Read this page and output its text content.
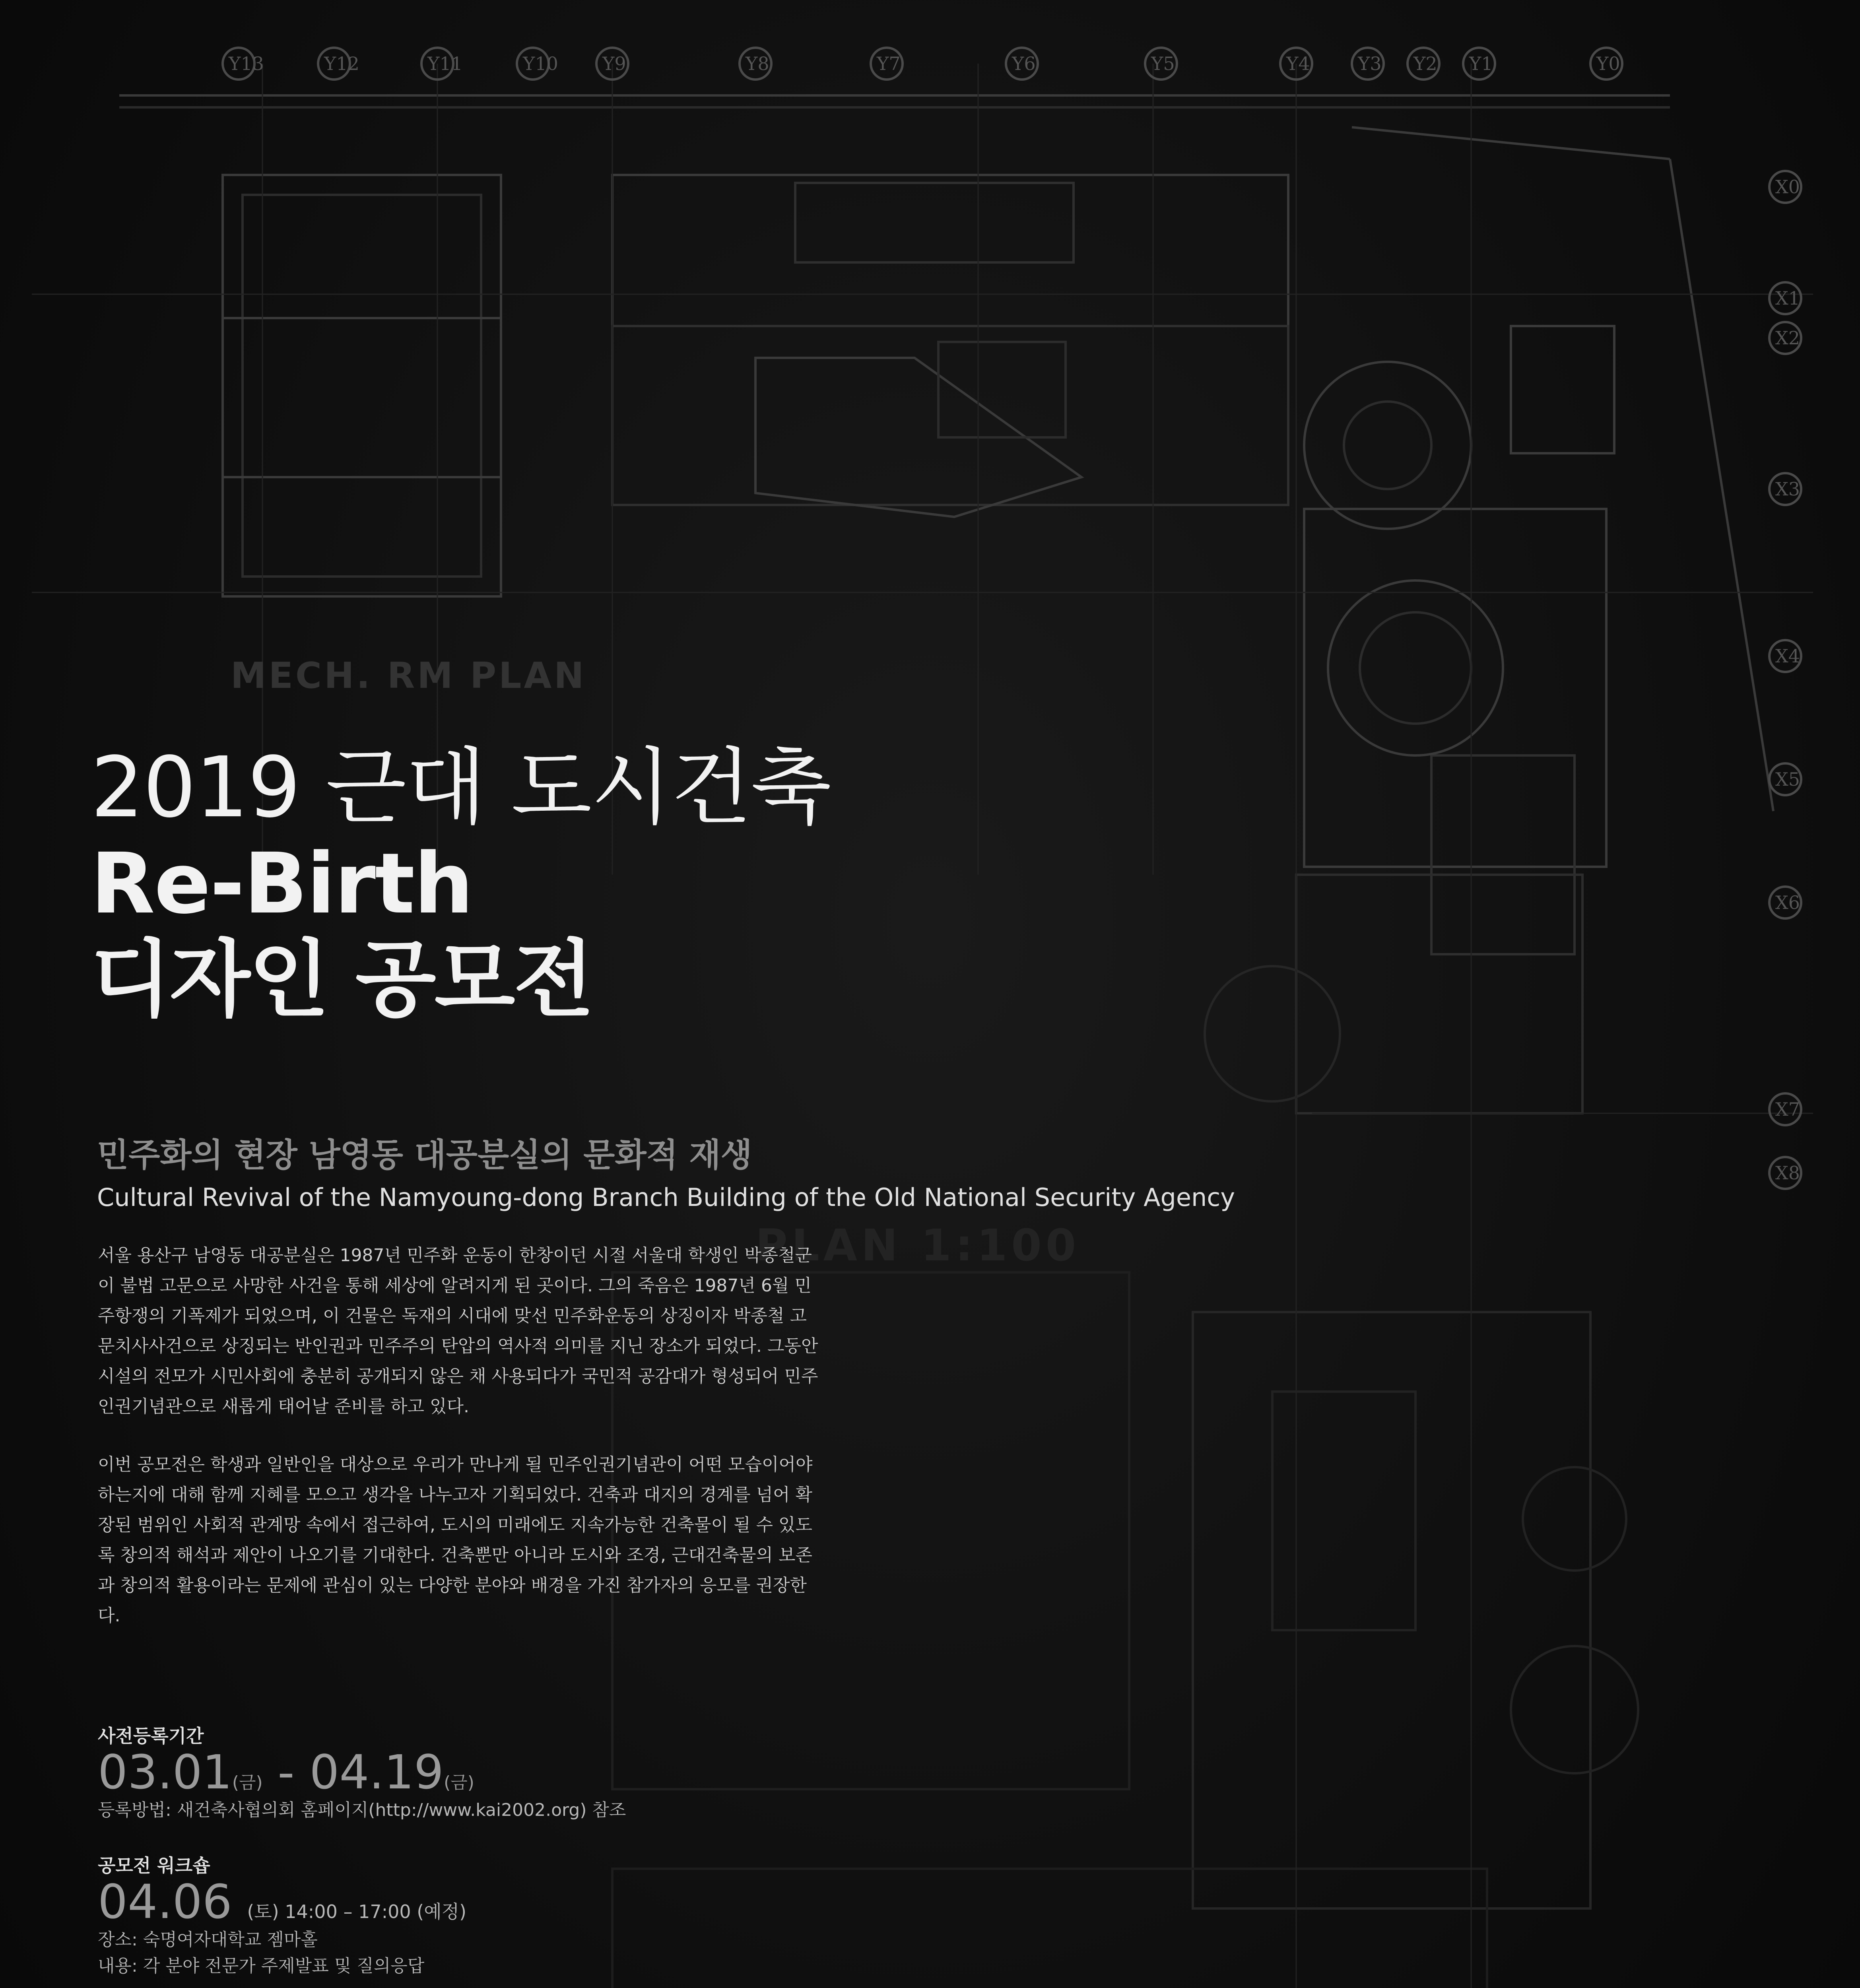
MECH. RM PLAN
PLAN 1:100
Y13	Y12	Y11	Y10 Y9	Y8	Y7	Y6	Y5	Y4	Y3 Y2 Y1	Y0
X0
X1
X2
X3
X4
X5
X6
X7
X8
2019 근대 도시건축
Re-Birth
디자인 공모전
민주화의 현장 남영동 대공분실의 문화적 재생
Cultural Revival of the Namyoung-dong Branch Building of the Old National Security Agency

서울 용산구 남영동 대공분실은 1987년 민주화 운동이 한창이던 시절 서울대 학생인 박종철군이 불법 고문으로 사망한 사건을 통해 세상에 알려지게 된 곳이다. 그의 죽음은 1987년 6월 민주항쟁의 기폭제가 되었으며, 이 건물은 독재의 시대에 맞선 민주화운동의 상징이자 박종철 고문치사사건으로 상징되는 반인권과 민주주의 탄압의 역사적 의미를 지닌 장소가 되었다. 그동안 시설의 전모가 시민사회에 충분히 공개되지 않은 채 사용되다가 국민적 공감대가 형성되어 민주인권기념관으로 새롭게 태어날 준비를 하고 있다.

이번 공모전은 학생과 일반인을 대상으로 우리가 만나게 될 민주인권기념관이 어떤 모습이어야 하는지에 대해 함께 지혜를 모으고 생각을 나누고자 기획되었다. 건축과 대지의 경계를 넘어 확장된 범위인 사회적 관계망 속에서 접근하여, 도시의 미래에도 지속가능한 건축물이 될 수 있도록 창의적 해석과 제안이 나오기를 기대한다. 건축뿐만 아니라 도시와 조경, 근대건축물의 보존과 창의적 활용이라는 문제에 관심이 있는 다양한 분야와 배경을 가진 참가자의 응모를 권장한다.

사전등록기간
03.01(금) - 04.19(금)
등록방법: 새건축사협의회 홈페이지(http://www.kai2002.org) 참조
공모전 워크숍
04.06 (토) 14:00 – 17:00 (예정)
장소: 숙명여자대학교 젬마홀
내용: 각 분야 전문가 주제발표 및 질의응답
